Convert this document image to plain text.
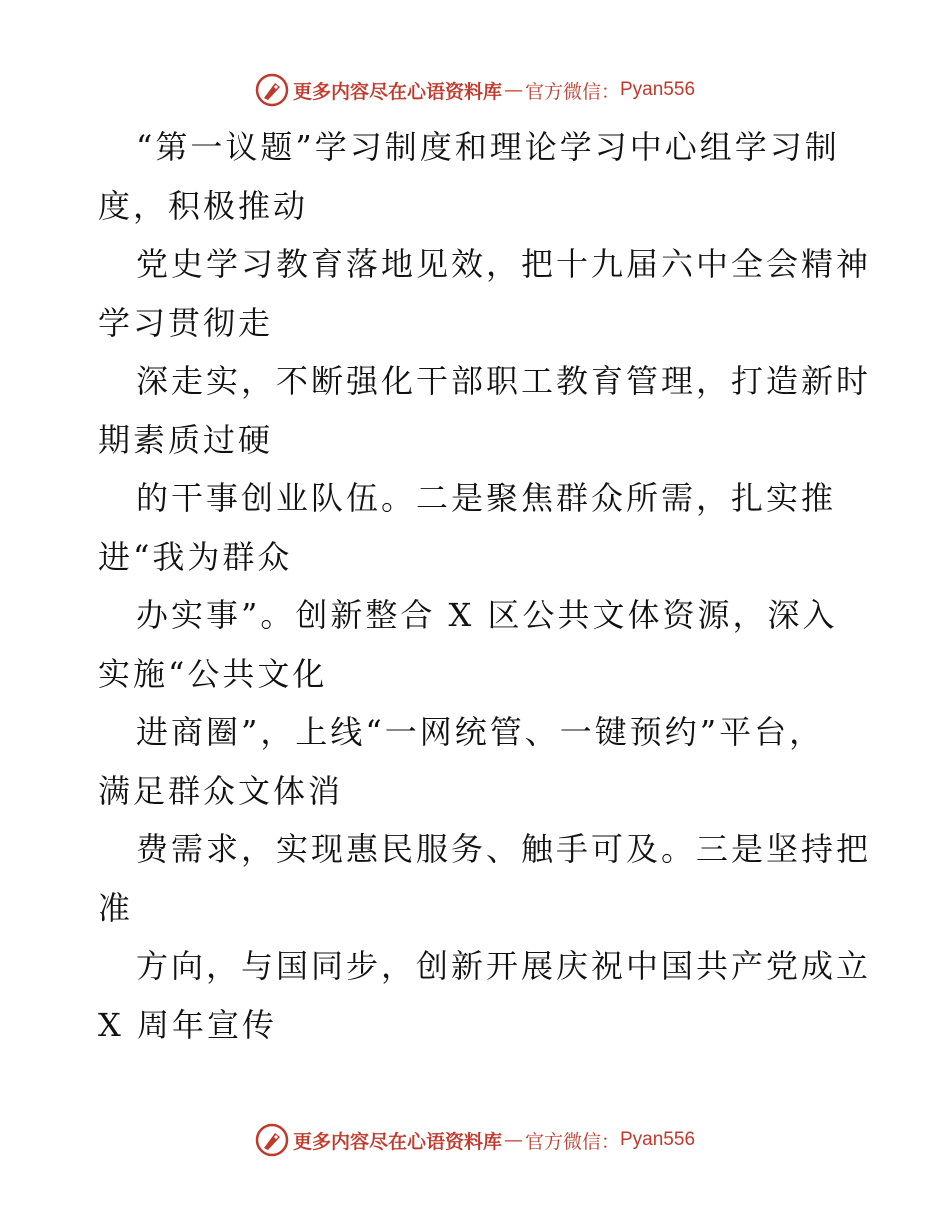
更多内容尽在心语资料库 — 官方微信： Pyan556
“第一议题”学习制度和理论学习中心组学习制
度，积极推动
党史学习教育落地见效，把十九届六中全会精神
学习贯彻走
深走实，不断强化干部职工教育管理，打造新时
期素质过硬
的干事创业队伍。二是聚焦群众所需，扎实推
进“我为群众
办实事”。创新整合 X 区公共文体资源，深入
实施“公共文化
进商圈”，上线“一网统管、一键预约”平台，
满足群众文体消
费需求，实现惠民服务、触手可及。三是坚持把
准
方向，与国同步，创新开展庆祝中国共产党成立
X 周年宣传
更多内容尽在心语资料库 — 官方微信： Pyan556
